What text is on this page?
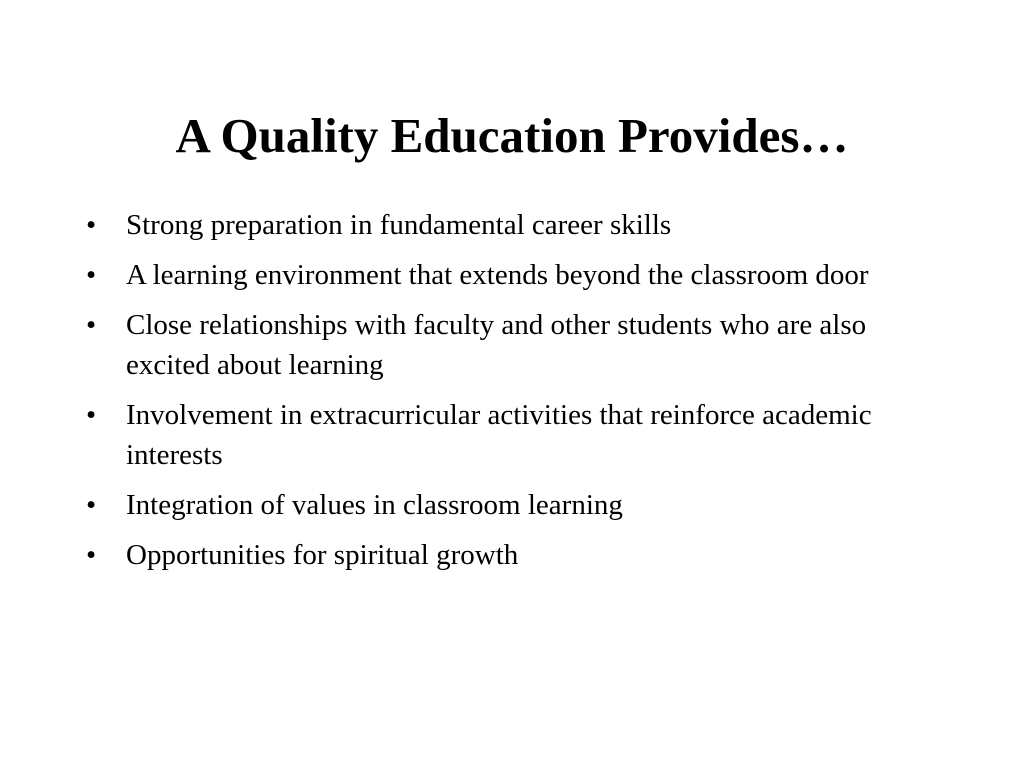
A Quality Education Provides…
•	Strong preparation in fundamental career skills
•	A learning environment that extends beyond the classroom door
•	Close relationships with faculty and other students who are also excited about learning
•	Involvement in extracurricular activities that reinforce academic interests
•	Integration of values in classroom learning
•	Opportunities for spiritual growth
